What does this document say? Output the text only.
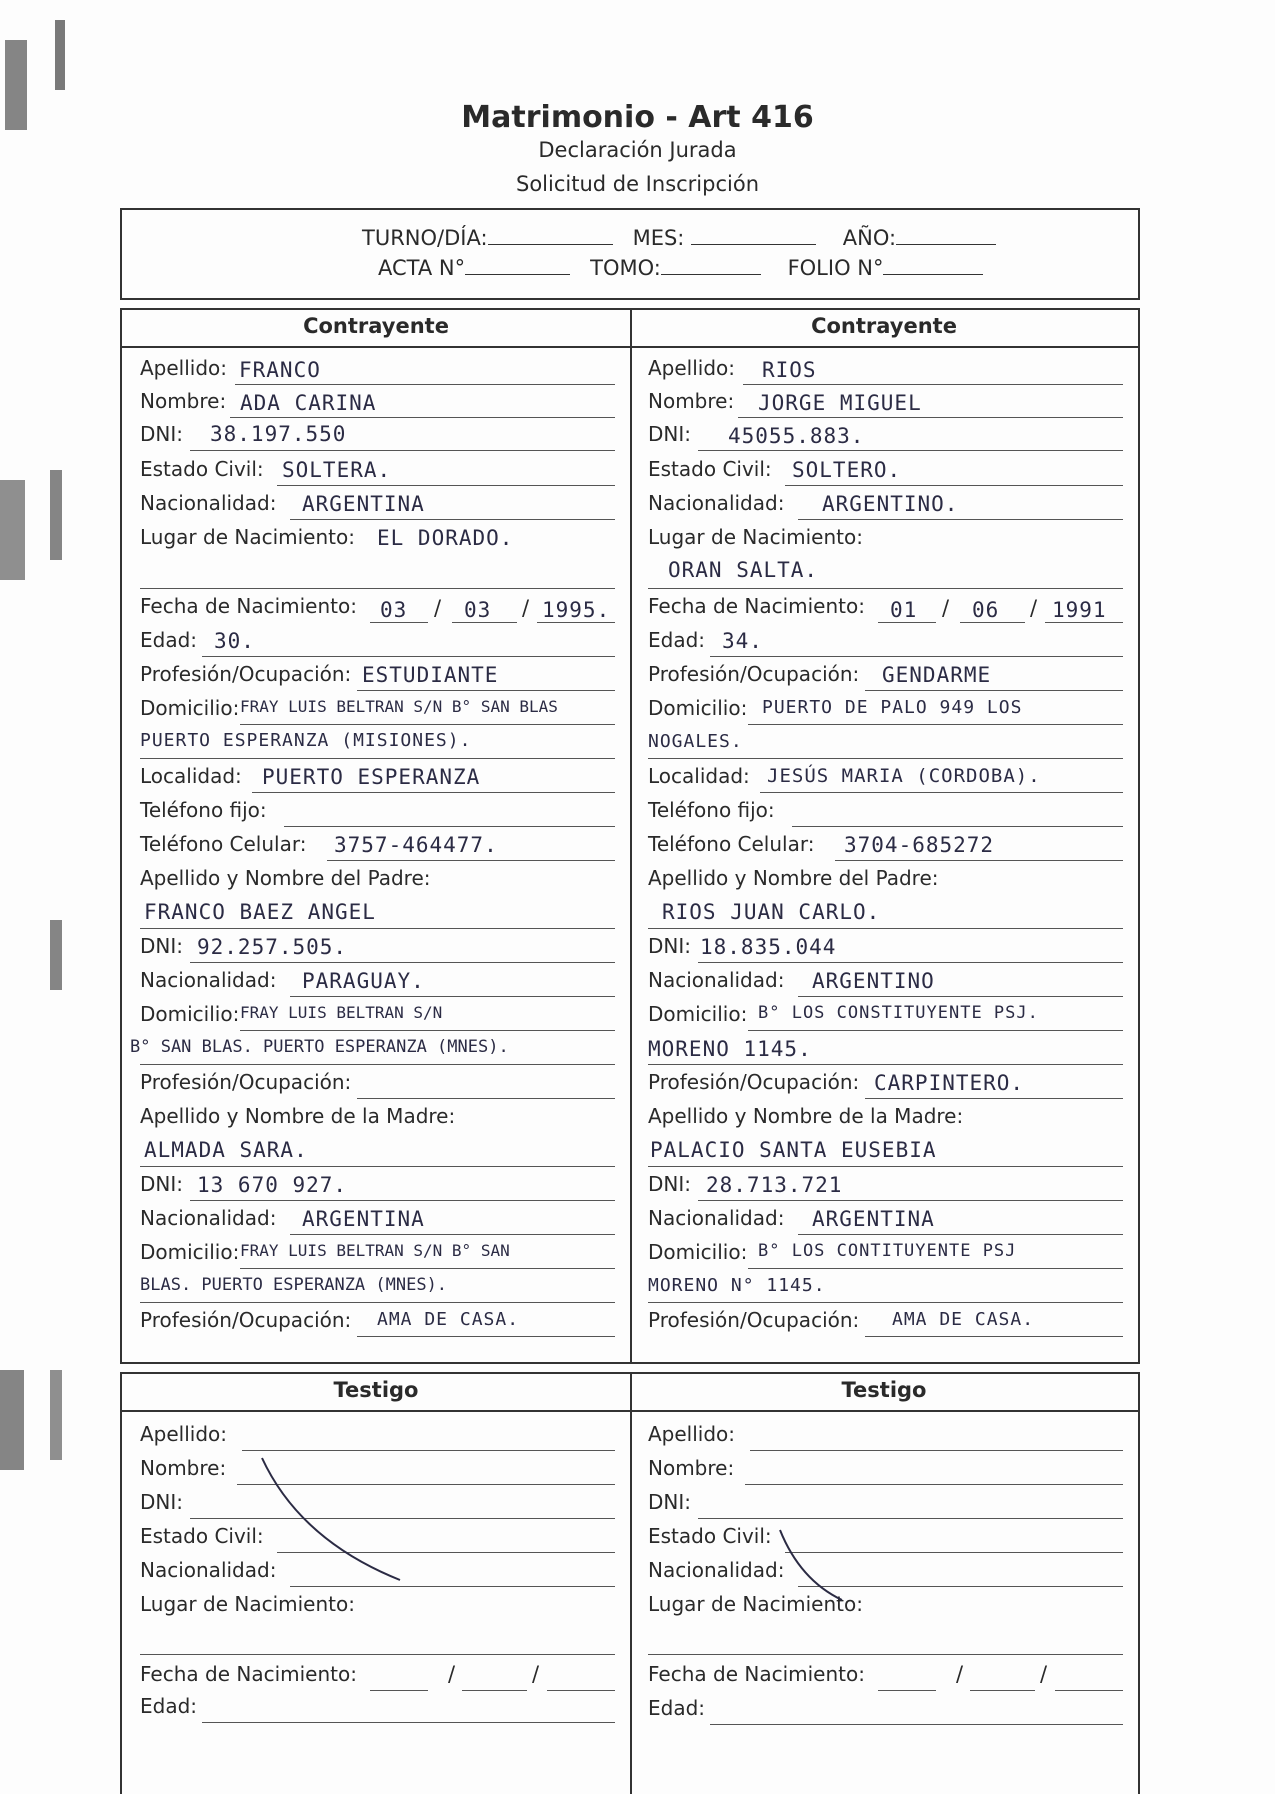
Matrimonio - Art 416
Declaración Jurada
Solicitud de Inscripción
TURNO/DÍA:	MES:	AÑO:
ACTA N°	TOMO:	FOLIO N°
Contrayente	Contrayente
Apellido: FRANCO
Nombre: ADA CARINA
DNI: 38.197.550
Estado Civil: SOLTERA.
Nacionalidad: ARGENTINA
Lugar de Nacimiento: EL DORADO.
Fecha de Nacimiento:	/	/
03	03 1995.
Edad: 30.
Profesión/Ocupación: ESTUDIANTE
Domicilio: FRAY LUIS BELTRAN S/N B° SAN BLAS
PUERTO ESPERANZA (MISIONES).
Localidad: PUERTO ESPERANZA
Teléfono fijo:
Teléfono Celular: 3757-464477.
Apellido y Nombre del Padre:
FRANCO BAEZ ANGEL
DNI: 92.257.505.
Nacionalidad: PARAGUAY.
Domicilio: FRAY LUIS BELTRAN S/N
B° SAN BLAS. PUERTO ESPERANZA (MNES).
Profesión/Ocupación:
Apellido y Nombre de la Madre:
ALMADA SARA.
DNI: 13 670 927.
Nacionalidad: ARGENTINA
Domicilio: FRAY LUIS BELTRAN S/N B° SAN
BLAS. PUERTO ESPERANZA (MNES).
Profesión/Ocupación: AMA DE CASA.
Apellido: RIOS
Nombre: JORGE MIGUEL
DNI: 45055.883.
Estado Civil: SOLTERO.
Nacionalidad: ARGENTINO.
Lugar de Nacimiento:
ORAN SALTA.
Fecha de Nacimiento:	/	/
01	06	1991
Edad: 34.
Profesión/Ocupación: GENDARME
Domicilio: PUERTO DE PALO 949 LOS
NOGALES.
Localidad: JESÚS MARIA (CORDOBA).
Teléfono fijo:
Teléfono Celular: 3704-685272
Apellido y Nombre del Padre:
RIOS JUAN CARLO.
DNI: 18.835.044
Nacionalidad: ARGENTINO
Domicilio: B° LOS CONSTITUYENTE PSJ.
MORENO 1145.
Profesión/Ocupación: CARPINTERO.
Apellido y Nombre de la Madre:
PALACIO SANTA EUSEBIA
DNI: 28.713.721
Nacionalidad: ARGENTINA
Domicilio: B° LOS CONTITUYENTE PSJ
MORENO N° 1145.
Profesión/Ocupación: AMA DE CASA.
Testigo	Testigo
Apellido:
Nombre:
DNI:
Estado Civil:
Nacionalidad:
Lugar de Nacimiento:
Fecha de Nacimiento:	/	/
Edad:
Apellido:
Nombre:
DNI:
Estado Civil:
Nacionalidad:
Lugar de Nacimiento:
Fecha de Nacimiento:	/	/
Edad:
